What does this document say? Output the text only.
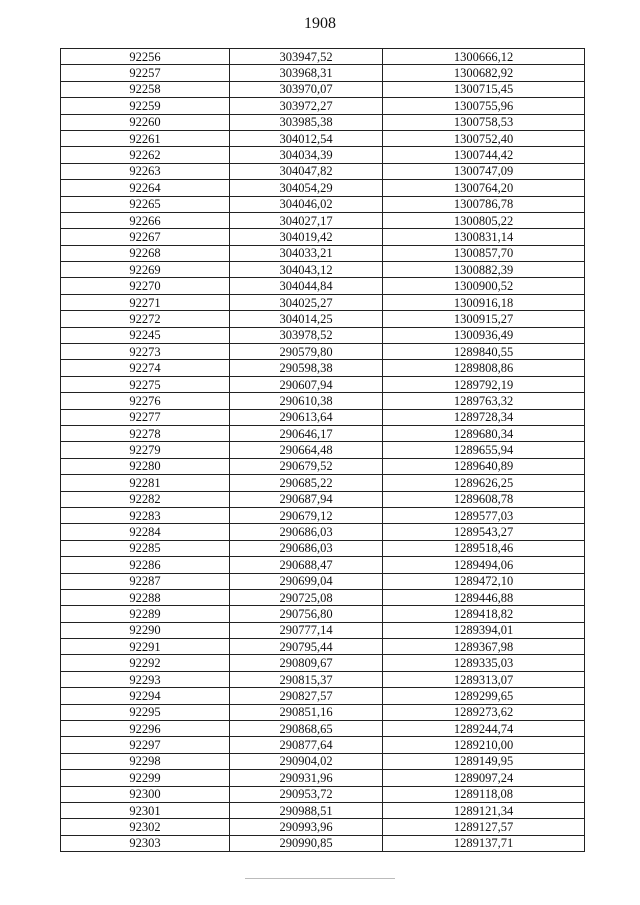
1908
92256	303947,52	1300666,12
92257	303968,31	1300682,92
92258	303970,07	1300715,45
92259	303972,27	1300755,96
92260	303985,38	1300758,53
92261	304012,54	1300752,40
92262	304034,39	1300744,42
92263	304047,82	1300747,09
92264	304054,29	1300764,20
92265	304046,02	1300786,78
92266	304027,17	1300805,22
92267	304019,42	1300831,14
92268	304033,21	1300857,70
92269	304043,12	1300882,39
92270	304044,84	1300900,52
92271	304025,27	1300916,18
92272	304014,25	1300915,27
92245	303978,52	1300936,49
92273	290579,80	1289840,55
92274	290598,38	1289808,86
92275	290607,94	1289792,19
92276	290610,38	1289763,32
92277	290613,64	1289728,34
92278	290646,17	1289680,34
92279	290664,48	1289655,94
92280	290679,52	1289640,89
92281	290685,22	1289626,25
92282	290687,94	1289608,78
92283	290679,12	1289577,03
92284	290686,03	1289543,27
92285	290686,03	1289518,46
92286	290688,47	1289494,06
92287	290699,04	1289472,10
92288	290725,08	1289446,88
92289	290756,80	1289418,82
92290	290777,14	1289394,01
92291	290795,44	1289367,98
92292	290809,67	1289335,03
92293	290815,37	1289313,07
92294	290827,57	1289299,65
92295	290851,16	1289273,62
92296	290868,65	1289244,74
92297	290877,64	1289210,00
92298	290904,02	1289149,95
92299	290931,96	1289097,24
92300	290953,72	1289118,08
92301	290988,51	1289121,34
92302	290993,96	1289127,57
92303	290990,85	1289137,71
